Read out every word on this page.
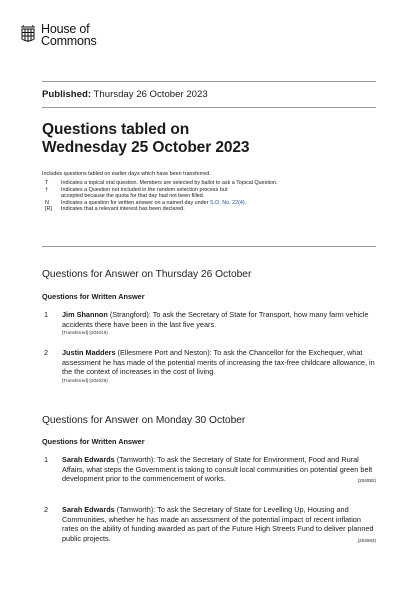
House of
Commons
Published: Thursday 26 October 2023
Questions tabled on
Wednesday 25 October 2023
Includes questions tabled on earlier days which have been transferred.
T	Indicates a topical oral question. Members are selected by ballot to ask a Topical Question.
†	Indicates a Question not included in the random selection process but
accepted because the quota for that day had not been filled.
N	Indicates a question for written answer on a named day under S.O. No. 22(4).
[R]	Indicates that a relevant interest has been declared.
Questions for Answer on Thursday 26 October
Questions for Written Answer
1	Jim Shannon (Strangford): To ask the Secretary of State for Transport, how many farm vehicle accidents there have been in the last five years.
[Transferred] (204019)
2	Justin Madders (Ellesmere Port and Neston): To ask the Chancellor for the Exchequer, what assessment he has made of the potential merits of increasing the tax-free childcare allowance, in the the context of increases in the cost of living.
[Transferred] (204026)
Questions for Answer on Monday 30 October
Questions for Written Answer
1	Sarah Edwards (Tamworth): To ask the Secretary of State for Environment, Food and Rural Affairs, what steps the Government is taking to consult local communities on potential green belt development prior to the commencement of works.	(204082)
2	Sarah Edwards (Tamworth): To ask the Secretary of State for Levelling Up, Housing and Communities, whether he has made an assessment of the potential impact of recent inflation rates on the ability of funding awarded as part of the Future High Streets Fund to deliver planned public projects.	(204083)
